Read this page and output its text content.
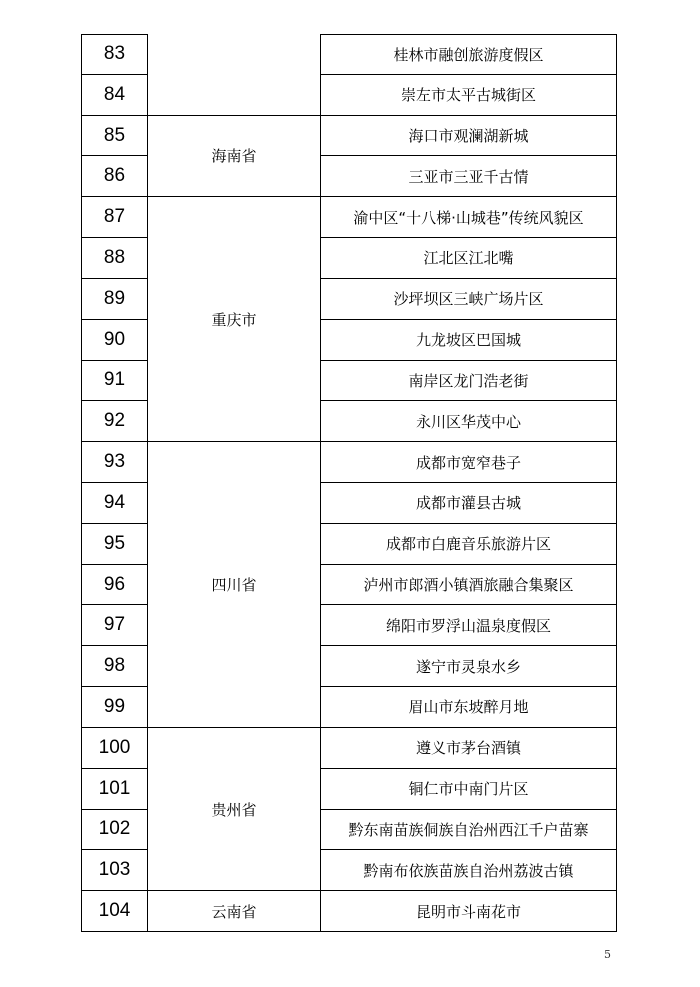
83
84
85
86
87
88
89
90
91
92
93
94
95
96
97
98
99
100
101
102
103
104
海南省
重庆市
四川省
贵州省
云南省
桂林市融创旅游度假区
崇左市太平古城街区
海口市观澜湖新城
三亚市三亚千古情
渝中区“十八梯·山城巷”传统风貌区
江北区江北嘴
沙坪坝区三峡广场片区
九龙坡区巴国城
南岸区龙门浩老街
永川区华茂中心
成都市宽窄巷子
成都市灌县古城
成都市白鹿音乐旅游片区
泸州市郎酒小镇酒旅融合集聚区
绵阳市罗浮山温泉度假区
遂宁市灵泉水乡
眉山市东坡醉月地
遵义市茅台酒镇
铜仁市中南门片区
黔东南苗族侗族自治州西江千户苗寨
黔南布依族苗族自治州荔波古镇
昆明市斗南花市
5
